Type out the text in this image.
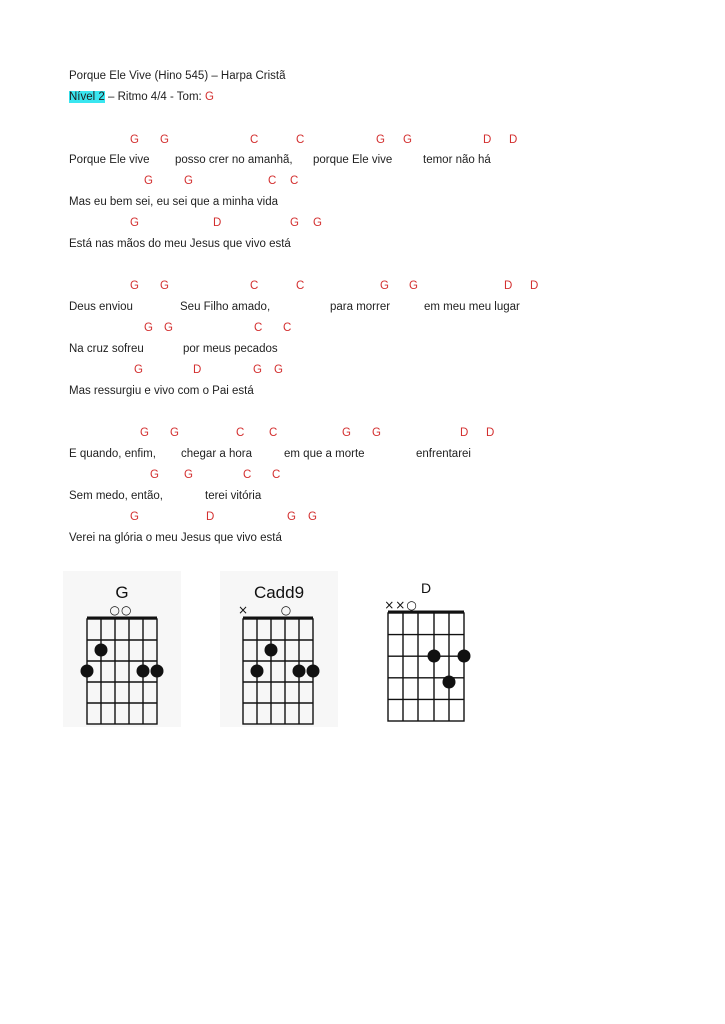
Porque Ele Vive (Hino 545) – Harpa Cristã
Nível 2 – Ritmo 4/4 - Tom: G
G G	C	C	G G	D D
Porque Ele vive posso crer no amanhã, porque Ele vive	temor não há
G	G	C C
Mas eu bem sei, eu sei que a minha vida
G	D	G G
Está nas mãos do meu Jesus que vivo está
G G	C	C	G G	D D
Deus enviou	Seu Filho amado,	para morrer	em meu meu lugar
G G	C C
Na cruz sofreu	por meus pecados
G	D	G G
Mas ressurgiu e vivo com o Pai está
G G	C C	G G	D D
E quando, enfim, chegar a hora	em que a morte	enfrentarei
G G	C C
Sem medo, então,	terei vitória
G	D	G G
Verei na glória o meu Jesus que vivo está
G
○○
Cadd9
×	○
D
××○
